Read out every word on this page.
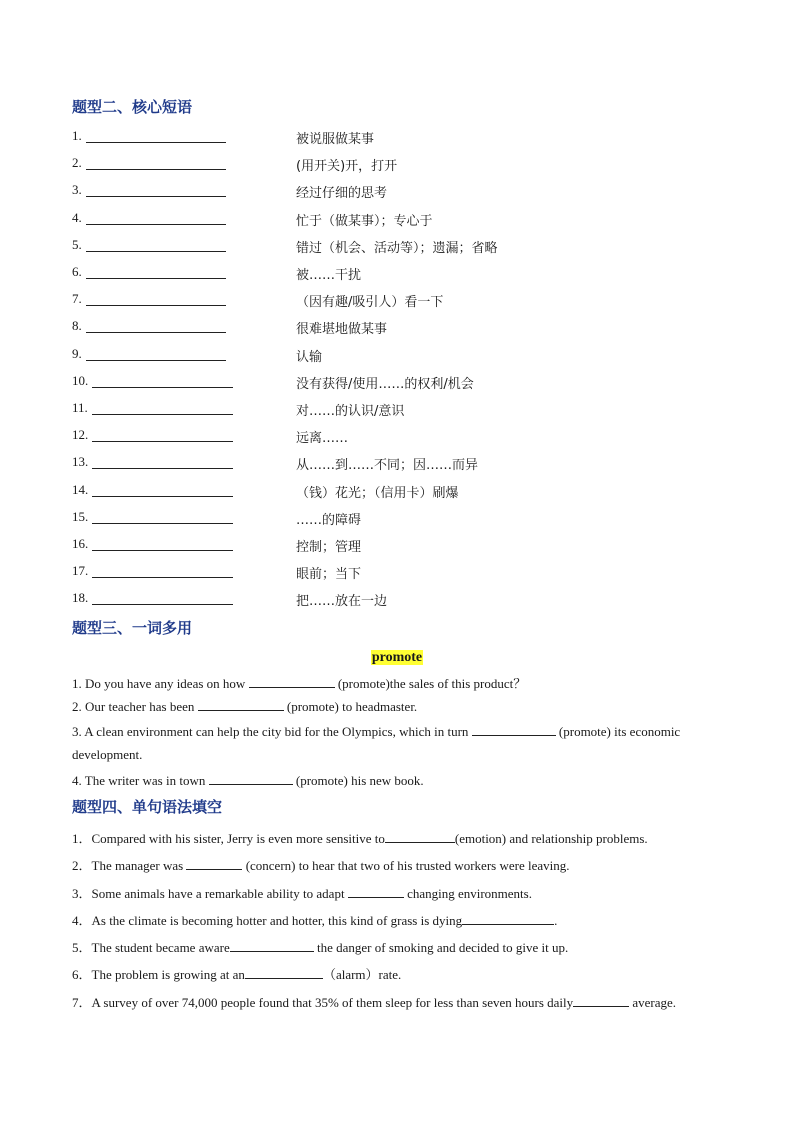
题型二、核心短语
1.	被说服做某事
2.	(用开关)开，打开
3.	经过仔细的思考
4.	忙于（做某事）；专心于
5.	错过（机会、活动等）；遗漏；省略
6.	被……干扰
7.	（因有趣/吸引人）看一下
8.	很难堪地做某事
9.	认输
10.	没有获得/使用……的权利/机会
11.	对……的认识/意识
12.	远离……
13.	从……到……不同；因……而异
14.	（钱）花光；（信用卡）刷爆
15.	……的障碍
16.	控制；管理
17.	眼前；当下
18.	把……放在一边
题型三、一词多用
promote
1. Do you have any ideas on how	(promote)the sales of this product？
2. Our teacher has been	(promote) to headmaster.
3. A clean environment can help the city bid for the Olympics, which in turn	(promote) its economic
development.
4. The writer was in town	(promote) his new book.
题型四、单句语法填空
1．Compared with his sister, Jerry is even more sensitive to	(emotion) and relationship problems.
2．The manager was	(concern) to hear that two of his trusted workers were leaving.
3．Some animals have a remarkable ability to adapt	changing environments.
4．As the climate is becoming hotter and hotter, this kind of grass is dying	.
5．The student became aware	the danger of smoking and decided to give it up.
6．The problem is growing at an	（alarm）rate.
7．A survey of over 74,000 people found that 35% of them sleep for less than seven hours daily	average.
